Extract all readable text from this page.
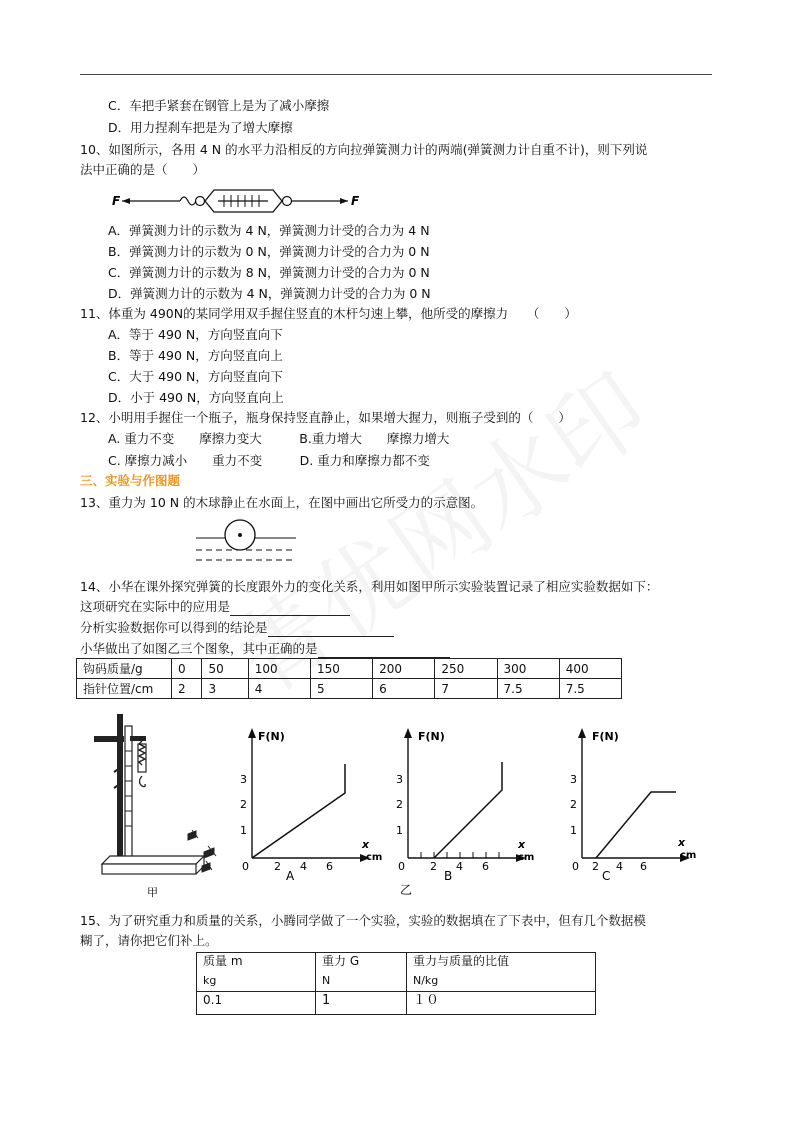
C．车把手紧套在钢管上是为了减小摩擦
D．用力捏刹车把是为了增大摩擦
10、如图所示，各用 4 N 的水平力沿相反的方向拉弹簧测力计的两端(弹簧测力计自重不计)，则下列说
法中正确的是（　　）
F	F
A．弹簧测力计的示数为 4 N，弹簧测力计受的合力为 4 N
B．弹簧测力计的示数为 0 N，弹簧测力计受的合力为 0 N
C．弹簧测力计的示数为 8 N，弹簧测力计受的合力为 0 N
D．弹簧测力计的示数为 4 N，弹簧测力计受的合力为 0 N
11、体重为 490N的某同学用双手握住竖直的木杆匀速上攀，他所受的摩擦力　　（　　）
A．等于 490 N，方向竖直向下
B．等于 490 N，方向竖直向上
C．大于 490 N，方向竖直向下
D．小于 490 N，方向竖直向上
12、小明用手握住一个瓶子，瓶身保持竖直静止，如果增大握力，则瓶子受到的（　　）
A. 重力不变　　摩擦力变大　　　B.重力增大　　摩擦力增大
C. 摩擦力减小　　重力不变　　　D. 重力和摩擦力都不变
三、实验与作图题
13、重力为 10 N 的木球静止在水面上，在图中画出它所受力的示意图。
14、小华在课外探究弹簧的长度跟外力的变化关系，利用如图甲所示实验装置记录了相应实验数据如下：
这项研究在实际中的应用是
分析实验数据你可以得到的结论是
小华做出了如图乙三个图象，其中正确的是
钩码质量/g	0	50	100	150	200	250	300	400
指针位置/cm	2	3	4	5	6	7	7.5	7.5
甲
F(N)
x
cm
1
2
3
0 2 4 6
A
F(N)
x
cm
1
2
3
0 2 4 6
乙
B
F(N)
x
cm
1
2
3
0 2 4 6
C
15、为了研究重力和质量的关系，小腾同学做了一个实验，实验的数据填在了下表中，但有几个数据模
糊了，请你把它们补上。
质量 m	重力 G	重力与质量的比值
kg	N	N/kg
0.1	1	１０
